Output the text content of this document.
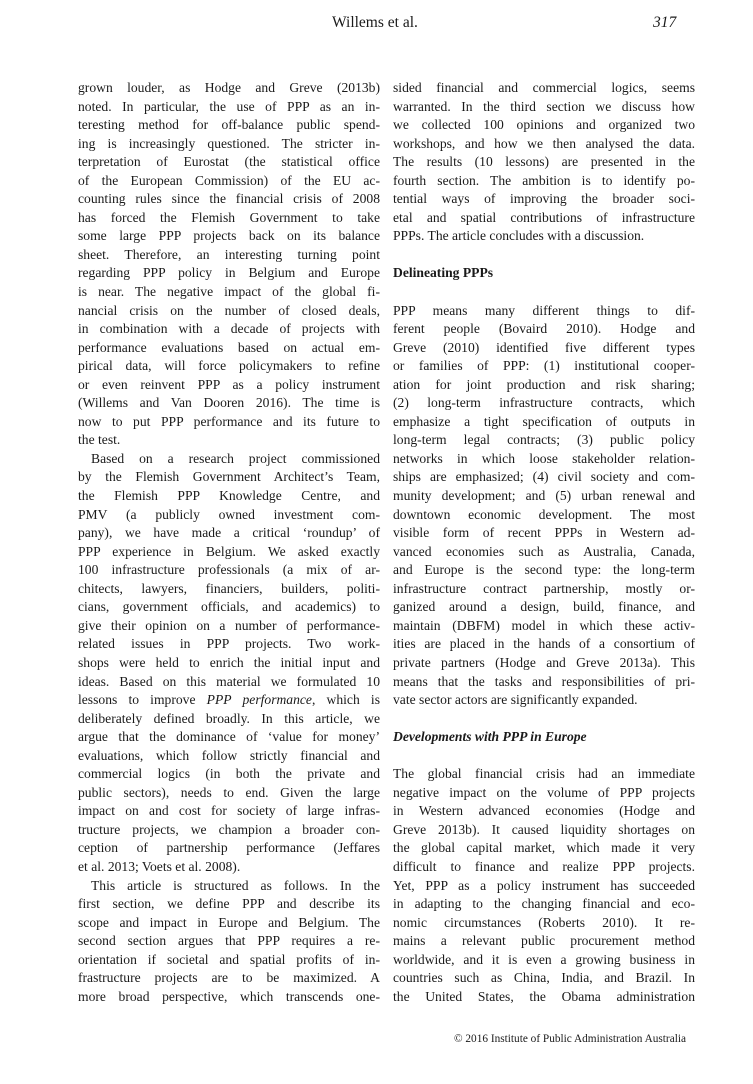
Willems et al.	317
grown louder, as Hodge and Greve (2013b)
noted. In particular, the use of PPP as an in-
teresting method for off-balance public spend-
ing is increasingly questioned. The stricter in-
terpretation of Eurostat (the statistical office
of the European Commission) of the EU ac-
counting rules since the financial crisis of 2008
has forced the Flemish Government to take
some large PPP projects back on its balance
sheet. Therefore, an interesting turning point
regarding PPP policy in Belgium and Europe
is near. The negative impact of the global fi-
nancial crisis on the number of closed deals,
in combination with a decade of projects with
performance evaluations based on actual em-
pirical data, will force policymakers to refine
or even reinvent PPP as a policy instrument
(Willems and Van Dooren 2016). The time is
now to put PPP performance and its future to
the test.
Based on a research project commissioned
by the Flemish Government Architect’s Team,
the Flemish PPP Knowledge Centre, and
PMV (a publicly owned investment com-
pany), we have made a critical ‘roundup’ of
PPP experience in Belgium. We asked exactly
100 infrastructure professionals (a mix of ar-
chitects, lawyers, financiers, builders, politi-
cians, government officials, and academics) to
give their opinion on a number of performance-
related issues in PPP projects. Two work-
shops were held to enrich the initial input and
ideas. Based on this material we formulated 10
lessons to improve PPP performance, which is
deliberately defined broadly. In this article, we
argue that the dominance of ‘value for money’
evaluations, which follow strictly financial and
commercial logics (in both the private and
public sectors), needs to end. Given the large
impact on and cost for society of large infras-
tructure projects, we champion a broader con-
ception of partnership performance (Jeffares
et al. 2013; Voets et al. 2008).
This article is structured as follows. In the
first section, we define PPP and describe its
scope and impact in Europe and Belgium. The
second section argues that PPP requires a re-
orientation if societal and spatial profits of in-
frastructure projects are to be maximized. A
more broad perspective, which transcends one-
sided financial and commercial logics, seems
warranted. In the third section we discuss how
we collected 100 opinions and organized two
workshops, and how we then analysed the data.
The results (10 lessons) are presented in the
fourth section. The ambition is to identify po-
tential ways of improving the broader soci-
etal and spatial contributions of infrastructure
PPPs. The article concludes with a discussion.
Delineating PPPs
PPP means many different things to dif-
ferent people (Bovaird 2010). Hodge and
Greve (2010) identified five different types
or families of PPP: (1) institutional cooper-
ation for joint production and risk sharing;
(2) long-term infrastructure contracts, which
emphasize a tight specification of outputs in
long-term legal contracts; (3) public policy
networks in which loose stakeholder relation-
ships are emphasized; (4) civil society and com-
munity development; and (5) urban renewal and
downtown economic development. The most
visible form of recent PPPs in Western ad-
vanced economies such as Australia, Canada,
and Europe is the second type: the long-term
infrastructure contract partnership, mostly or-
ganized around a design, build, finance, and
maintain (DBFM) model in which these activ-
ities are placed in the hands of a consortium of
private partners (Hodge and Greve 2013a). This
means that the tasks and responsibilities of pri-
vate sector actors are significantly expanded.
Developments with PPP in Europe
The global financial crisis had an immediate
negative impact on the volume of PPP projects
in Western advanced economies (Hodge and
Greve 2013b). It caused liquidity shortages on
the global capital market, which made it very
difficult to finance and realize PPP projects.
Yet, PPP as a policy instrument has succeeded
in adapting to the changing financial and eco-
nomic circumstances (Roberts 2010). It re-
mains a relevant public procurement method
worldwide, and it is even a growing business in
countries such as China, India, and Brazil. In
the United States, the Obama administration
© 2016 Institute of Public Administration Australia
